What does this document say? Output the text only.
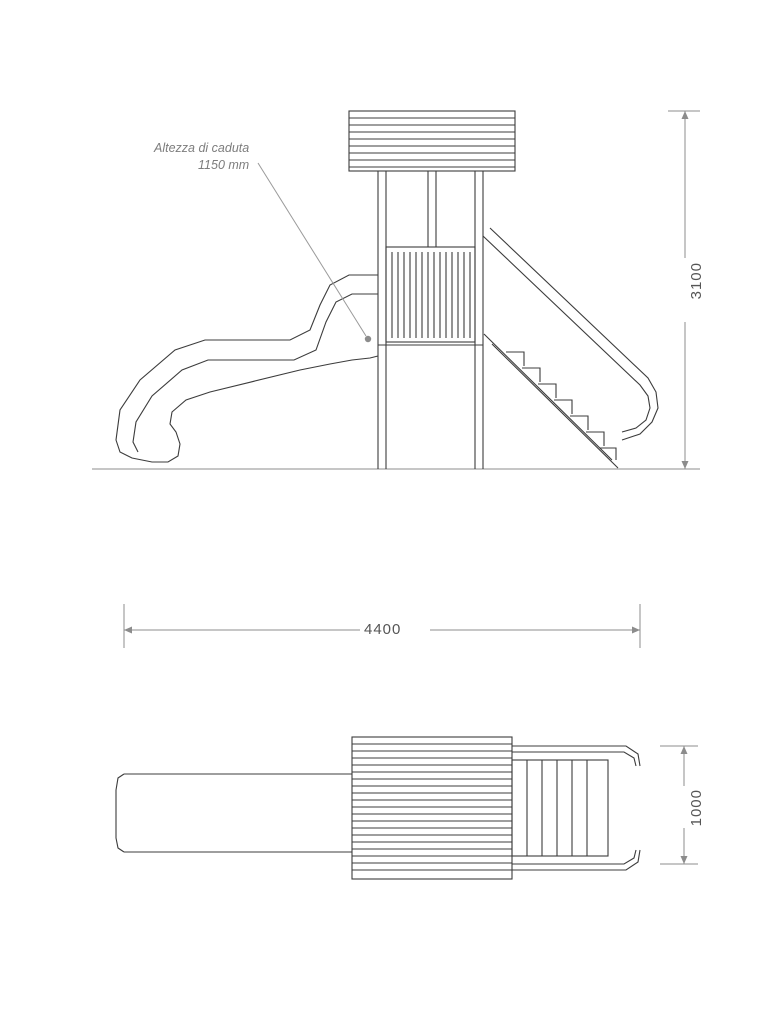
Altezza di caduta
1150 mm
3100
4400
1000
